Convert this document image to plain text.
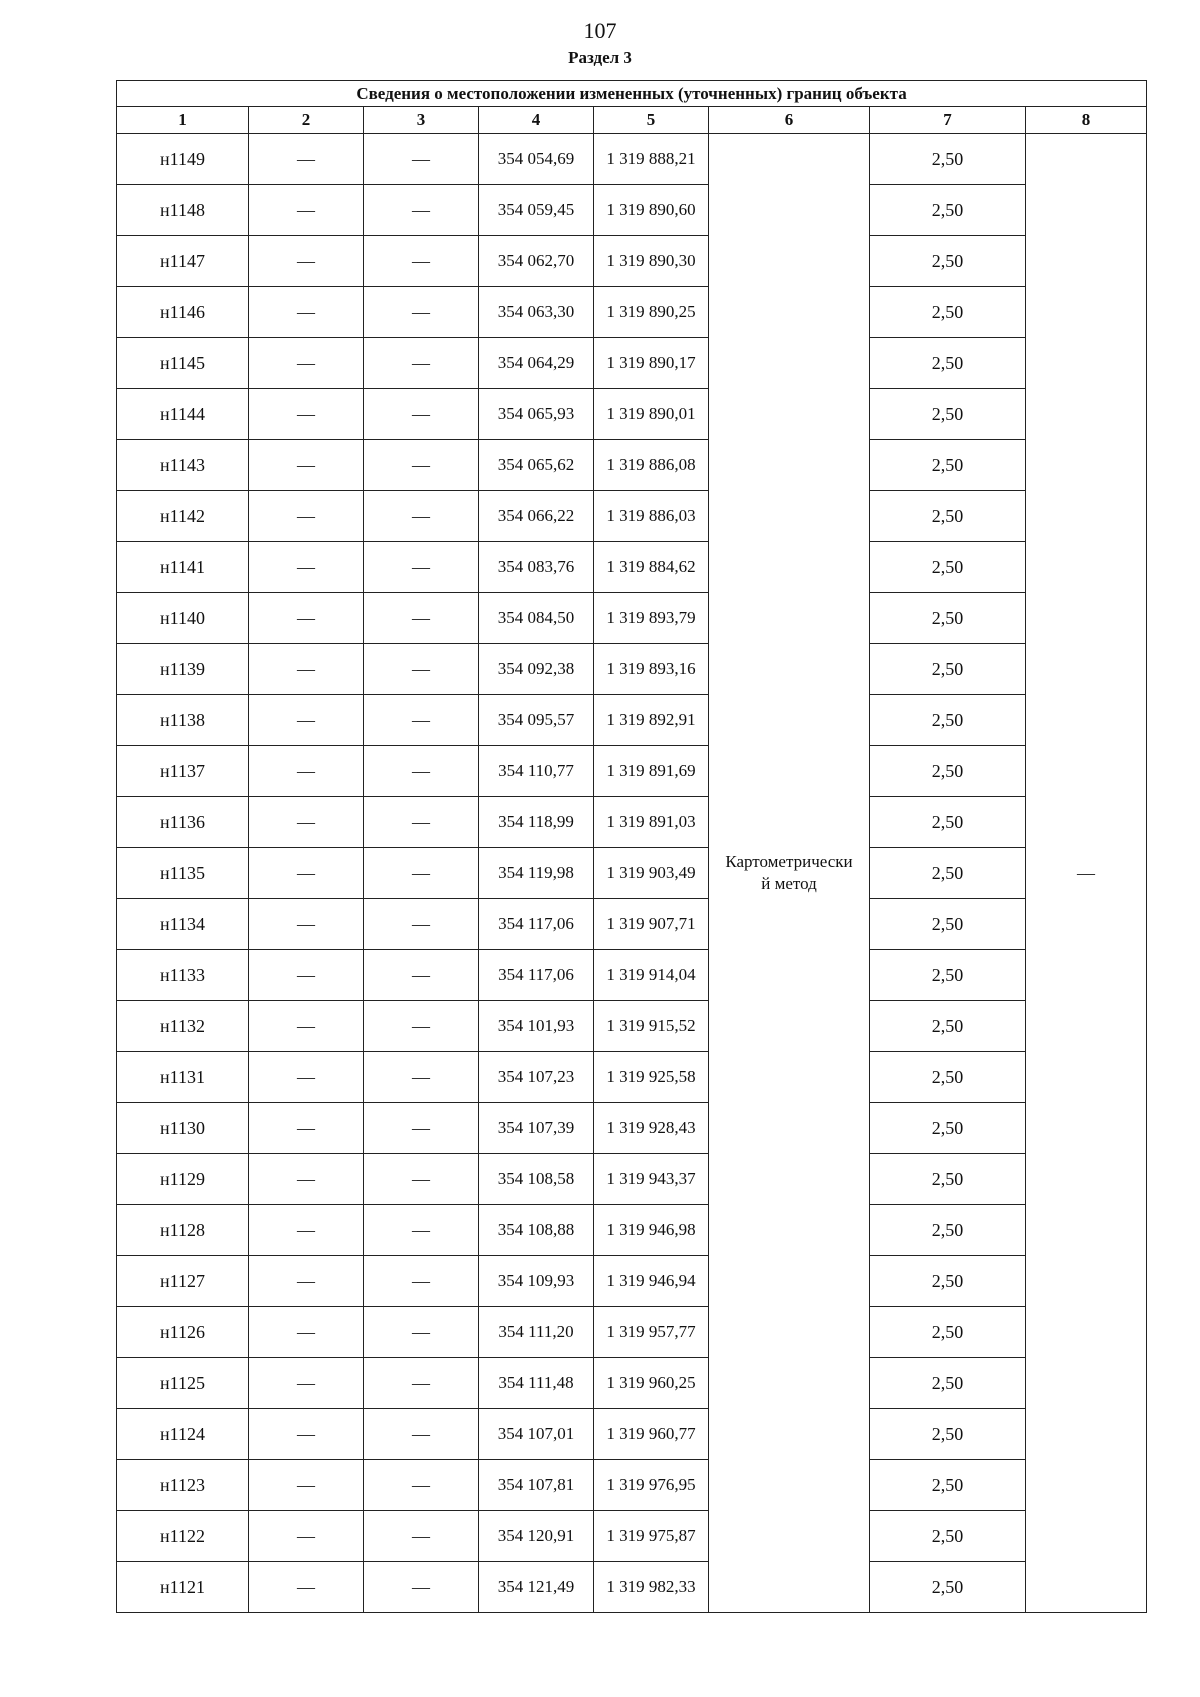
107
Раздел 3
Сведения о местоположении измененных (уточненных) границ объекта							
1	2	3	4	5	6	7	8
н1149	—	—	354 054,69	1 319 888,21	Картометрически
й метод	2,50	—
н1148	—	—	354 059,45	1 319 890,60		2,50	
н1147	—	—	354 062,70	1 319 890,30		2,50	
н1146	—	—	354 063,30	1 319 890,25		2,50	
н1145	—	—	354 064,29	1 319 890,17		2,50	
н1144	—	—	354 065,93	1 319 890,01		2,50	
н1143	—	—	354 065,62	1 319 886,08		2,50	
н1142	—	—	354 066,22	1 319 886,03		2,50	
н1141	—	—	354 083,76	1 319 884,62		2,50	
н1140	—	—	354 084,50	1 319 893,79		2,50	
н1139	—	—	354 092,38	1 319 893,16		2,50	
н1138	—	—	354 095,57	1 319 892,91		2,50	
н1137	—	—	354 110,77	1 319 891,69		2,50	
н1136	—	—	354 118,99	1 319 891,03		2,50	
н1135	—	—	354 119,98	1 319 903,49		2,50	
н1134	—	—	354 117,06	1 319 907,71		2,50	
н1133	—	—	354 117,06	1 319 914,04		2,50	
н1132	—	—	354 101,93	1 319 915,52		2,50	
н1131	—	—	354 107,23	1 319 925,58		2,50	
н1130	—	—	354 107,39	1 319 928,43		2,50	
н1129	—	—	354 108,58	1 319 943,37		2,50	
н1128	—	—	354 108,88	1 319 946,98		2,50	
н1127	—	—	354 109,93	1 319 946,94		2,50	
н1126	—	—	354 111,20	1 319 957,77		2,50	
н1125	—	—	354 111,48	1 319 960,25		2,50	
н1124	—	—	354 107,01	1 319 960,77		2,50	
н1123	—	—	354 107,81	1 319 976,95		2,50	
н1122	—	—	354 120,91	1 319 975,87		2,50	
н1121	—	—	354 121,49	1 319 982,33		2,50	
